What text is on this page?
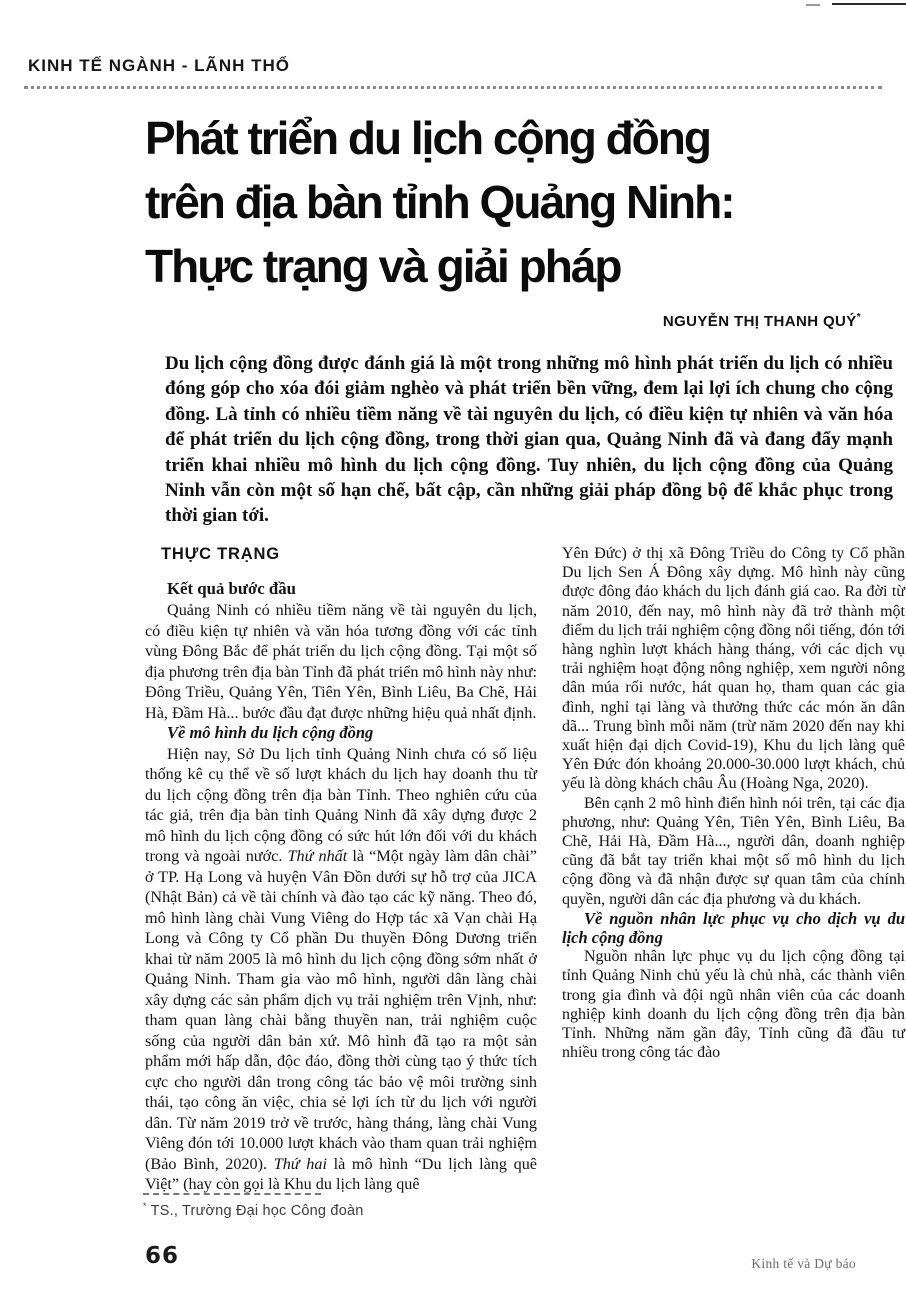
KINH TẾ NGÀNH - LÃNH THỔ
Phát triển du lịch cộng đồng
trên địa bàn tỉnh Quảng Ninh:
Thực trạng và giải pháp
NGUYỄN THỊ THANH QUÝ*
Du lịch cộng đồng được đánh giá là một trong những mô hình phát triển du lịch có nhiều đóng góp cho xóa đói giảm nghèo và phát triển bền vững, đem lại lợi ích chung cho cộng đồng. Là tỉnh có nhiều tiềm năng về tài nguyên du lịch, có điều kiện tự nhiên và văn hóa để phát triển du lịch cộng đồng, trong thời gian qua, Quảng Ninh đã và đang đẩy mạnh triển khai nhiều mô hình du lịch cộng đồng. Tuy nhiên, du lịch cộng đồng của Quảng Ninh vẫn còn một số hạn chế, bất cập, cần những giải pháp đồng bộ để khắc phục trong thời gian tới.
THỰC TRẠNG
Kết quả bước đầu

Quảng Ninh có nhiều tiềm năng về tài nguyên du lịch, có điều kiện tự nhiên và văn hóa tương đồng với các tỉnh vùng Đông Bắc để phát triển du lịch cộng đồng. Tại một số địa phương trên địa bàn Tỉnh đã phát triển mô hình này như: Đông Triều, Quảng Yên, Tiên Yên, Bình Liêu, Ba Chẽ, Hải Hà, Đầm Hà... bước đầu đạt được những hiệu quả nhất định.

Về mô hình du lịch cộng đồng

Hiện nay, Sở Du lịch tỉnh Quảng Ninh chưa có số liệu thống kê cụ thể về số lượt khách du lịch hay doanh thu từ du lịch cộng đồng trên địa bàn Tỉnh. Theo nghiên cứu của tác giả, trên địa bàn tỉnh Quảng Ninh đã xây dựng được 2 mô hình du lịch cộng đồng có sức hút lớn đối với du khách trong và ngoài nước. Thứ nhất là “Một ngày làm dân chài” ở TP. Hạ Long và huyện Vân Đồn dưới sự hỗ trợ của JICA (Nhật Bản) cả về tài chính và đào tạo các kỹ năng. Theo đó, mô hình làng chài Vung Viêng do Hợp tác xã Vạn chài Hạ Long và Công ty Cổ phần Du thuyền Đông Dương triển khai từ năm 2005 là mô hình du lịch cộng đồng sớm nhất ở Quảng Ninh. Tham gia vào mô hình, người dân làng chài xây dựng các sản phẩm dịch vụ trải nghiệm trên Vịnh, như: tham quan làng chài bằng thuyền nan, trải nghiệm cuộc sống của người dân bản xứ. Mô hình đã tạo ra một sản phẩm mới hấp dẫn, độc đáo, đồng thời cùng tạo ý thức tích cực cho người dân trong công tác bảo vệ môi trường sinh thái, tạo công ăn việc, chia sẻ lợi ích từ du lịch với người dân. Từ năm 2019 trở về trước, hàng tháng, làng chài Vung Viêng đón tới 10.000 lượt khách vào tham quan trải nghiệm (Bảo Bình, 2020). Thứ hai là mô hình “Du lịch làng quê Việt” (hay còn gọi là Khu du lịch làng quê

Yên Đức) ở thị xã Đông Triều do Công ty Cổ phần Du lịch Sen Á Đông xây dựng. Mô hình này cũng được đông đảo khách du lịch đánh giá cao. Ra đời từ năm 2010, đến nay, mô hình này đã trở thành một điểm du lịch trải nghiệm cộng đồng nổi tiếng, đón tới hàng nghìn lượt khách hàng tháng, với các dịch vụ trải nghiệm hoạt động nông nghiệp, xem người nông dân múa rối nước, hát quan họ, tham quan các gia đình, nghỉ tại làng và thưởng thức các món ăn dân dã... Trung bình mỗi năm (trừ năm 2020 đến nay khi xuất hiện đại dịch Covid-19), Khu du lịch làng quê Yên Đức đón khoảng 20.000-30.000 lượt khách, chủ yếu là dòng khách châu Âu (Hoàng Nga, 2020).

Bên cạnh 2 mô hình điển hình nói trên, tại các địa phương, như: Quảng Yên, Tiên Yên, Bình Liêu, Ba Chẽ, Hải Hà, Đầm Hà..., người dân, doanh nghiệp cũng đã bắt tay triển khai một số mô hình du lịch cộng đồng và đã nhận được sự quan tâm của chính quyền, người dân các địa phương và du khách.

Về nguồn nhân lực phục vụ cho dịch vụ du lịch cộng đồng

Nguồn nhân lực phục vụ du lịch cộng đồng tại tỉnh Quảng Ninh chủ yếu là chủ nhà, các thành viên trong gia đình và đội ngũ nhân viên của các doanh nghiệp kinh doanh du lịch cộng đồng trên địa bàn Tỉnh. Những năm gần đây, Tỉnh cũng đã đầu tư nhiều trong công tác đào

* TS., Trường Đại học Công đoàn
66	Kinh tế và Dự báo
